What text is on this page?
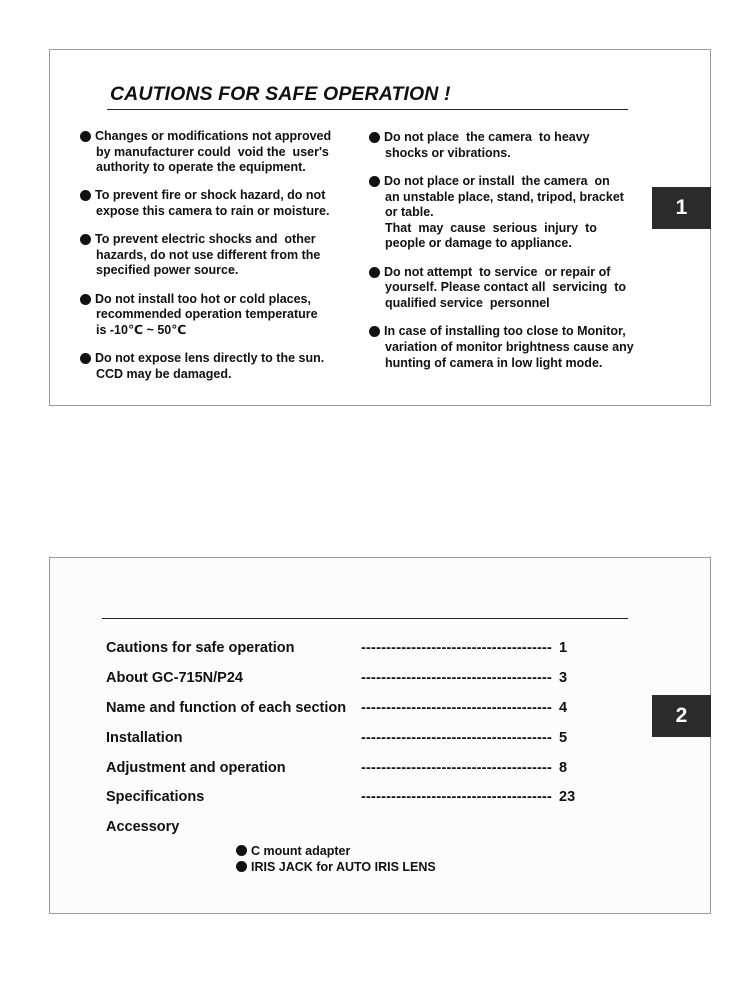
CAUTIONS FOR SAFE OPERATION !
Changes or modifications not approved
by manufacturer could  void the  user's
authority to operate the equipment.
To prevent fire or shock hazard, do not
expose this camera to rain or moisture.
To prevent electric shocks and  other
hazards, do not use different from the
specified power source.
Do not install too hot or cold places,
recommended operation temperature
is -10℃ ~ 50℃
Do not expose lens directly to the sun.
CCD may be damaged.
Do not place  the camera  to heavy
shocks or vibrations.
Do not place or install  the camera  on
an unstable place, stand, tripod, bracket
or table.
That  may  cause  serious  injury  to
people or damage to appliance.
Do not attempt  to service  or repair of
yourself. Please contact all  servicing  to
qualified service  personnel
In case of installing too close to Monitor,
variation of monitor brightness cause any
hunting of camera in low light mode.
1
Cautions for safe operation	-------------------------------------- 1
About GC-715N/P24	-------------------------------------- 3
Name and function of each section -------------------------------------- 4
Installation	-------------------------------------- 5
Adjustment and operation	-------------------------------------- 8
Specifications	-------------------------------------- 23
Accessory
C mount adapter
IRIS JACK for AUTO IRIS LENS
2
